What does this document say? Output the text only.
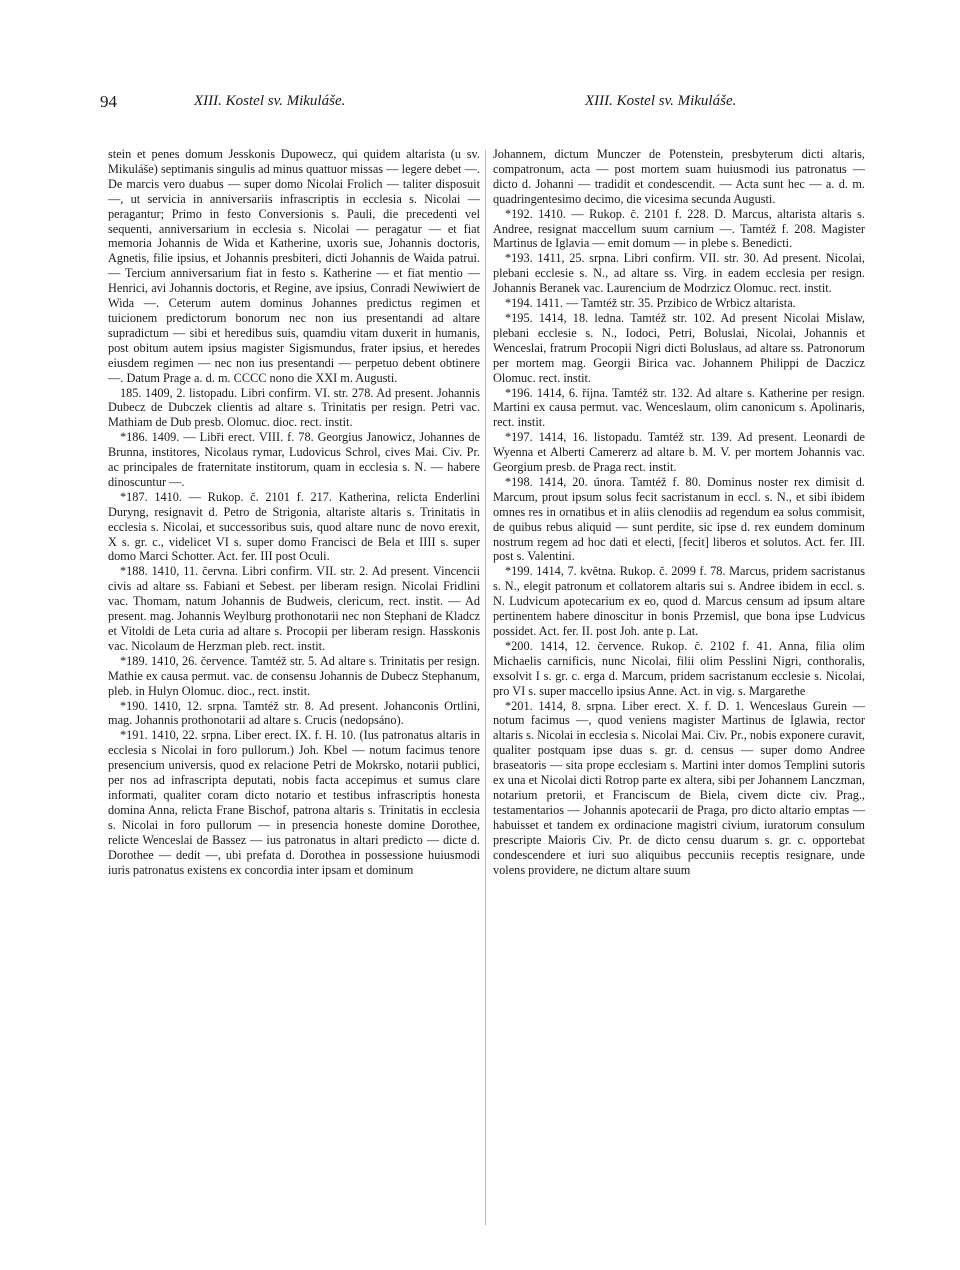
94	XIII. Kostel sv. Mikuláše.	XIII. Kostel sv. Mikuláše.

stein et penes domum Jesskonis Dupowecz, qui quidem altarista (u sv. Mikuláše) septimanis singulis ad minus quattuor missas — legere debet —. De marcis vero duabus — super domo Nicolai Frolich — taliter disposuit —, ut servicia in anniversariis infrascriptis in ecclesia s. Nicolai — peragantur; Primo in festo Conversionis s. Pauli, die precedenti vel sequenti, anniversarium in ecclesia s. Nicolai — peragatur — et fiat memoria Johannis de Wida et Katherine, uxoris sue, Johannis doctoris, Agnetis, filie ipsius, et Johannis presbiteri, dicti Johannis de Waida patrui. — Tercium anniversarium fiat in festo s. Katherine — et fiat mentio — Henrici, avi Johannis doctoris, et Regine, ave ipsius, Conradi Newiwiert de Wida —. Ceterum autem dominus Johannes predictus regimen et tuicionem predictorum bonorum nec non ius presentandi ad altare supradictum — sibi et heredibus suis, quamdiu vitam duxerit in humanis, post obitum autem ipsius magister Sigismundus, frater ipsius, et heredes eiusdem regimen — nec non ius presentandi — perpetuo debent obtinere —. Datum Prage a. d. m. CCCC nono die XXI m. Augusti.

185. 1409, 2. listopadu. Libri confirm. VI. str. 278. Ad present. Johannis Dubecz de Dubczek clientis ad altare s. Trinitatis per resign. Petri vac. Mathiam de Dub presb. Olomuc. dioc. rect. instit.

*186. 1409. — Libři erect. VIII. f. 78. Georgius Janowicz, Johannes de Brunna, institores, Nicolaus rymar, Ludovicus Schrol, cives Mai. Civ. Pr. ac principales de fraternitate institorum, quam in ecclesia s. N. — habere dinoscuntur —.

*187. 1410. — Rukop. č. 2101 f. 217. Katherina, relicta Enderlini Duryng, resignavit d. Petro de Strigonia, altariste altaris s. Trinitatis in ecclesia s. Nicolai, et successoribus suis, quod altare nunc de novo erexit, X s. gr. c., videlicet VI s. super domo Francisci de Bela et IIII s. super domo Marci Schotter. Act. fer. III post Oculi.

*188. 1410, 11. června. Libri confirm. VII. str. 2. Ad present. Vincencii civis ad altare ss. Fabiani et Sebest. per liberam resign. Nicolai Fridlini vac. Thomam, natum Johannis de Budweis, clericum, rect. instit. — Ad present. mag. Johannis Weylburg prothonotarii nec non Stephani de Kladcz et Vitoldi de Leta curia ad altare s. Procopii per liberam resign. Hasskonis vac. Nicolaum de Herzman pleb. rect. instit.

*189. 1410, 26. července. Tamtéž str. 5. Ad altare s. Trinitatis per resign. Mathie ex causa permut. vac. de consensu Johannis de Dubecz Stephanum, pleb. in Hulyn Olomuc. dioc., rect. instit.

*190. 1410, 12. srpna. Tamtéž str. 8. Ad present. Johanconis Ortlini, mag. Johannis prothonotarii ad altare s. Crucis (nedopsáno).

*191. 1410, 22. srpna. Liber erect. IX. f. H. 10. (Ius patronatus altaris in ecclesia s Nicolai in foro pullorum.) Joh. Kbel — notum facimus tenore presencium universis, quod ex relacione Petri de Mokrsko, notarii publici, per nos ad infrascripta deputati, nobis facta accepimus et sumus clare informati, qualiter coram dicto notario et testibus infrascriptis honesta domina Anna, relicta Frane Bischof, patrona altaris s. Trinitatis in ecclesia s. Nicolai in foro pullorum — in presencia honeste domine Dorothee, relicte Wenceslai de Bassez — ius patronatus in altari predicto — dicte d. Dorothee — dedit —, ubi prefata d. Dorothea in possessione huiusmodi iuris patronatus existens ex concordia inter ipsam et dominum

Johannem, dictum Munczer de Potenstein, presbyterum dicti altaris, compatronum, acta — post mortem suam huiusmodi ius patronatus — dicto d. Johanni — tradidit et condescendit. — Acta sunt hec — a. d. m. quadringentesimo decimo, die vicesima secunda Augusti.

*192. 1410. — Rukop. č. 2101 f. 228. D. Marcus, altarista altaris s. Andree, resignat maccellum suum carnium —. Tamtéž f. 208. Magister Martinus de Iglavia — emit domum — in plebe s. Benedicti.

*193. 1411, 25. srpna. Libri confirm. VII. str. 30. Ad present. Nicolai, plebani ecclesie s. N., ad altare ss. Virg. in eadem ecclesia per resign. Johannis Beranek vac. Laurencium de Modrzicz Olomuc. rect. instit.

*194. 1411. — Tamtéž str. 35. Przibico de Wrbicz altarista.

*195. 1414, 18. ledna. Tamtéž str. 102. Ad present Nicolai Mislaw, plebani ecclesie s. N., Iodoci, Petri, Boluslai, Nicolai, Johannis et Wenceslai, fratrum Procopii Nigri dicti Boluslaus, ad altare ss. Patronorum per mortem mag. Georgii Birica vac. Johannem Philippi de Daczicz Olomuc. rect. instit.

*196. 1414, 6. října. Tamtéž str. 132. Ad altare s. Katherine per resign. Martini ex causa permut. vac. Wenceslaum, olim canonicum s. Apolinaris, rect. instit.

*197. 1414, 16. listopadu. Tamtéž str. 139. Ad present. Leonardi de Wyenna et Alberti Camererz ad altare b. M. V. per mortem Johannis vac. Georgium presb. de Praga rect. instit.

*198. 1414, 20. února. Tamtéž f. 80. Dominus noster rex dimisit d. Marcum, prout ipsum solus fecit sacristanum in eccl. s. N., et sibi ibidem omnes res in ornatibus et in aliis clenodiis ad regendum ea solus commisit, de quibus rebus aliquid — sunt perdite, sic ipse d. rex eundem dominum nostrum regem ad hoc dati et electi, [fecit] liberos et solutos. Act. fer. III. post s. Valentini.

*199. 1414, 7. května. Rukop. č. 2099 f. 78. Marcus, pridem sacristanus s. N., elegit patronum et collatorem altaris sui s. Andree ibidem in eccl. s. N. Ludvicum apotecarium ex eo, quod d. Marcus censum ad ipsum altare pertinentem habere dinoscitur in bonis Przemisl, que bona ipse Ludvicus possidet. Act. fer. II. post Joh. ante p. Lat.

*200. 1414, 12. července. Rukop. č. 2102 f. 41. Anna, filia olim Michaelis carnificis, nunc Nicolai, filii olim Pesslini Nigri, conthoralis, exsolvit I s. gr. c. erga d. Marcum, pridem sacristanum ecclesie s. Nicolai, pro VI s. super maccello ipsius Anne. Act. in vig. s. Margarethe

*201. 1414, 8. srpna. Liber erect. X. f. D. 1. Wenceslaus Gurein — notum facimus —, quod veniens magister Martinus de Iglawia, rector altaris s. Nicolai in ecclesia s. Nicolai Mai. Civ. Pr., nobis exponere curavit, qualiter postquam ipse duas s. gr. d. census — super domo Andree braseatoris — sita prope ecclesiam s. Martini inter domos Templini sutoris ex una et Nicolai dicti Rotrop parte ex altera, sibi per Johannem Lanczman, notarium pretorii, et Franciscum de Biela, civem dicte civ. Prag., testamentarios — Johannis apotecarii de Praga, pro dicto altario emptas — habuisset et tandem ex ordinacione magistri civium, iuratorum consulum prescripte Maioris Civ. Pr. de dicto censu duarum s. gr. c. opportebat condescendere et iuri suo aliquibus peccuniis receptis resignare, unde volens providere, ne dictum altare suum
